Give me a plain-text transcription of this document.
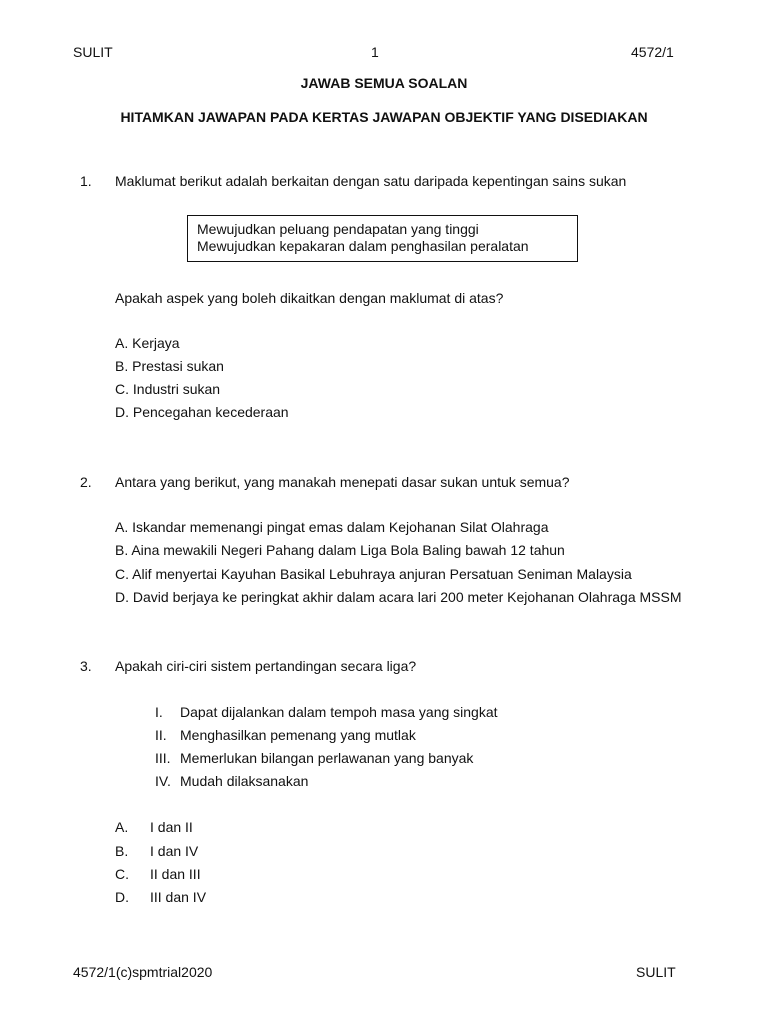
SULIT	1	4572/1
JAWAB SEMUA SOALAN
HITAMKAN JAWAPAN PADA KERTAS JAWAPAN OBJEKTIF YANG DISEDIAKAN
1. Maklumat berikut adalah berkaitan dengan satu daripada kepentingan sains sukan
Mewujudkan peluang pendapatan yang tinggi
Mewujudkan kepakaran dalam penghasilan peralatan
Apakah aspek yang boleh dikaitkan dengan maklumat di atas?
A. Kerjaya
B. Prestasi sukan
C. Industri sukan
D. Pencegahan kecederaan
2. Antara yang berikut, yang manakah menepati dasar sukan untuk semua?
A. Iskandar memenangi pingat emas dalam Kejohanan Silat Olahraga
B. Aina mewakili Negeri Pahang dalam Liga Bola Baling bawah 12 tahun
C. Alif menyertai Kayuhan Basikal Lebuhraya anjuran Persatuan Seniman Malaysia
D. David berjaya ke peringkat akhir dalam acara lari 200 meter Kejohanan Olahraga MSSM
3. Apakah ciri-ciri sistem pertandingan secara liga?
I. Dapat dijalankan dalam tempoh masa yang singkat
II. Menghasilkan pemenang yang mutlak
III. Memerlukan bilangan perlawanan yang banyak
IV. Mudah dilaksanakan
A. I dan II
B. I dan IV
C. II dan III
D. III dan IV
4572/1(c)spmtrial2020	SULIT
